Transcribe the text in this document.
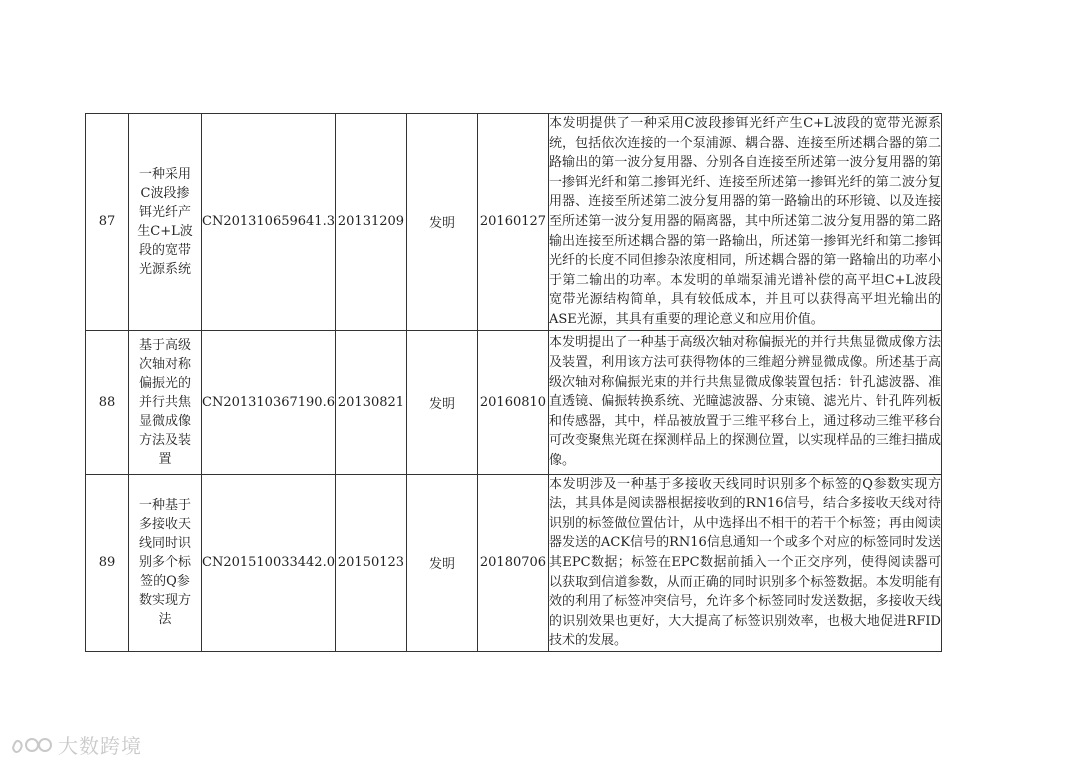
87	一种采用C波段掺铒光纤产生C+L波段的宽带光源系统	CN201310659641.3	20131209	发明	20160127	本发明提供了一种采用C波段掺铒光纤产生C+L波段的宽带光源系统，包括依次连接的一个泵浦源、耦合器、连接至所述耦合器的第二路输出的第一波分复用器、分别各自连接至所述第一波分复用器的第一掺铒光纤和第二掺铒光纤、连接至所述第一掺铒光纤的第二波分复用器、连接至所述第二波分复用器的第一路输出的环形镜、以及连接至所述第一波分复用器的隔离器，其中所述第二波分复用器的第二路输出连接至所述耦合器的第一路输出，所述第一掺铒光纤和第二掺铒光纤的长度不同但掺杂浓度相同，所述耦合器的第一路输出的功率小于第二输出的功率。本发明的单端泵浦光谱补偿的高平坦C+L波段宽带光源结构简单，具有较低成本，并且可以获得高平坦光输出的ASE光源，其具有重要的理论意义和应用价值。
88	基于高级次轴对称偏振光的并行共焦显微成像方法及装置	CN201310367190.6	20130821	发明	20160810	本发明提出了一种基于高级次轴对称偏振光的并行共焦显微成像方法及装置，利用该方法可获得物体的三维超分辨显微成像。所述基于高级次轴对称偏振光束的并行共焦显微成像装置包括：针孔滤波器、准直透镜、偏振转换系统、光瞳滤波器、分束镜、滤光片、针孔阵列板和传感器，其中，样品被放置于三维平移台上，通过移动三维平移台可改变聚焦光斑在探测样品上的探测位置，以实现样品的三维扫描成像。
89	一种基于多接收天线同时识别多个标签的Q参数实现方法	CN201510033442.0	20150123	发明	20180706	本发明涉及一种基于多接收天线同时识别多个标签的Q参数实现方法，其具体是阅读器根据接收到的RN16信号，结合多接收天线对待识别的标签做位置估计，从中选择出不相干的若干个标签；再由阅读器发送的ACK信号的RN16信息通知一个或多个对应的标签同时发送其EPC数据；标签在EPC数据前插入一个正交序列，使得阅读器可以获取到信道参数，从而正确的同时识别多个标签数据。本发明能有效的利用了标签冲突信号，允许多个标签同时发送数据，多接收天线的识别效果也更好，大大提高了标签识别效率，也极大地促进RFID技术的发展。
大数跨境
